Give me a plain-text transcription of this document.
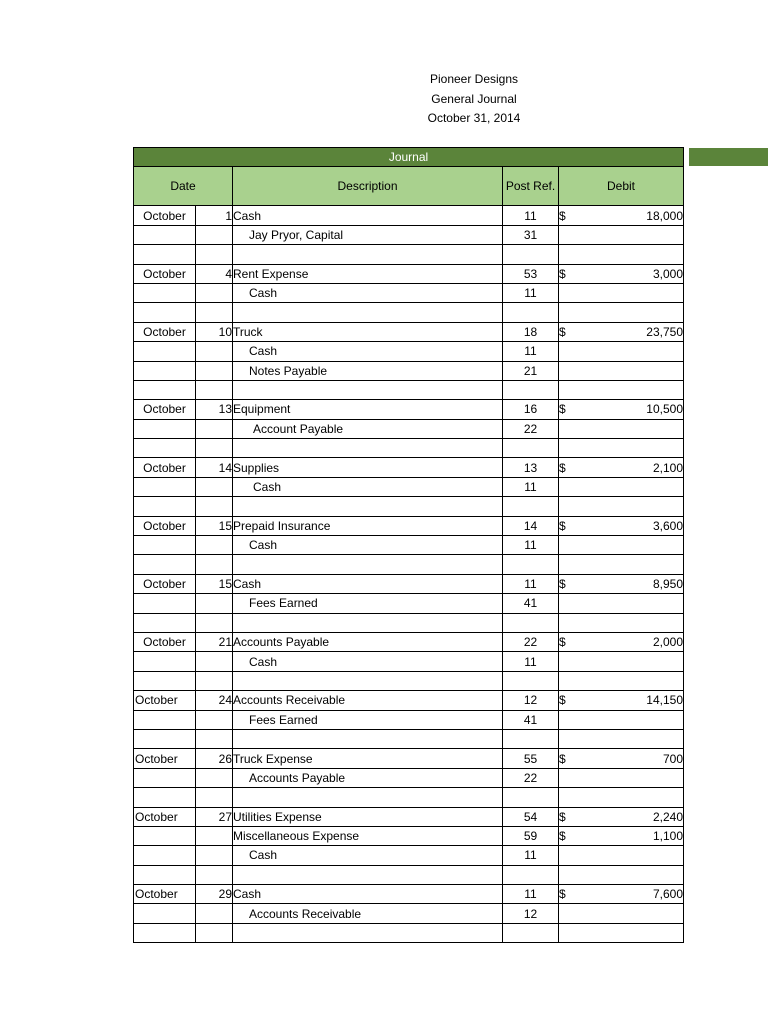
Pioneer Designs
General Journal
October 31, 2014
Journal				
Date		Description	Post Ref.	Debit
October	1	Cash	11	$ 18,000

		Jay Pryor, Capital	31	

October	4	Rent Expense	53	$ 3,000

		Cash	11	

October	10	Truck	18	$ 23,750

		Cash	11	
		Notes Payable	21	

October	13	Equipment	16	$ 10,500

		Account Payable	22	

October	14	Supplies	13	$ 2,100

		Cash	11	

October	15	Prepaid Insurance	14	$ 3,600

		Cash	11	

October	15	Cash	11	$ 8,950

		Fees Earned	41	

October	21	Accounts Payable	22	$ 2,000

		Cash	11	

October	24	Accounts Receivable	12	$ 14,150

		Fees Earned	41	

October	26	Truck Expense	55	$ 700

		Accounts Payable	22	

October	27	Utilities Expense	54	$ 2,240

		Miscellaneous Expense	59	$ 1,100

		Cash	11	

October	29	Cash	11	$ 7,600

		Accounts Receivable	12	
